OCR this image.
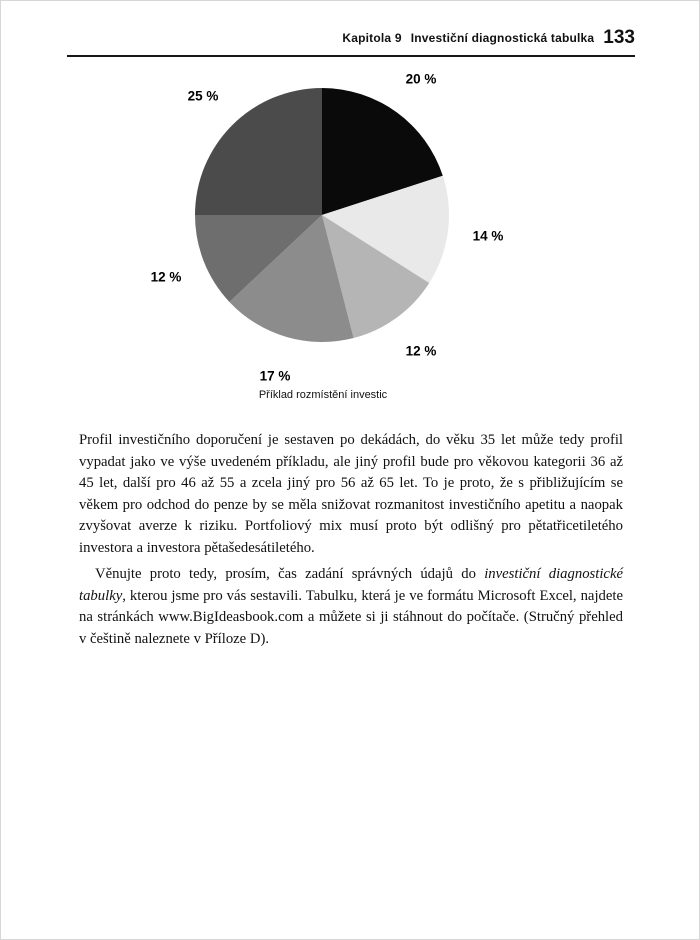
Kapitola 9 Investiční diagnostická tabulka 133
20 %
14 %
12 %
17 %
12 %
25 %
Příklad rozmístění investic

Profil investičního doporučení je sestaven po dekádách, do věku 35 let může tedy profil vypadat jako ve výše uvedeném příkladu, ale jiný profil bude pro věkovou kategorii 36 až 45 let, další pro 46 až 55 a zcela jiný pro 56 až 65 let. To je proto, že s přibližujícím se věkem pro odchod do penze by se měla snižovat rozmanitost investičního apetitu a naopak zvyšovat averze k riziku. Portfoliový mix musí proto být odlišný pro pětatřicetiletého investora a investora pětašedesátiletého.

Věnujte proto tedy, prosím, čas zadání správných údajů do investiční diagnostické tabulky, kterou jsme pro vás sestavili. Tabulku, která je ve formátu Microsoft Excel, najdete na stránkách www.BigIdeasbook.com a můžete si ji stáhnout do počítače. (Stručný přehled v češtině naleznete v Příloze D).
